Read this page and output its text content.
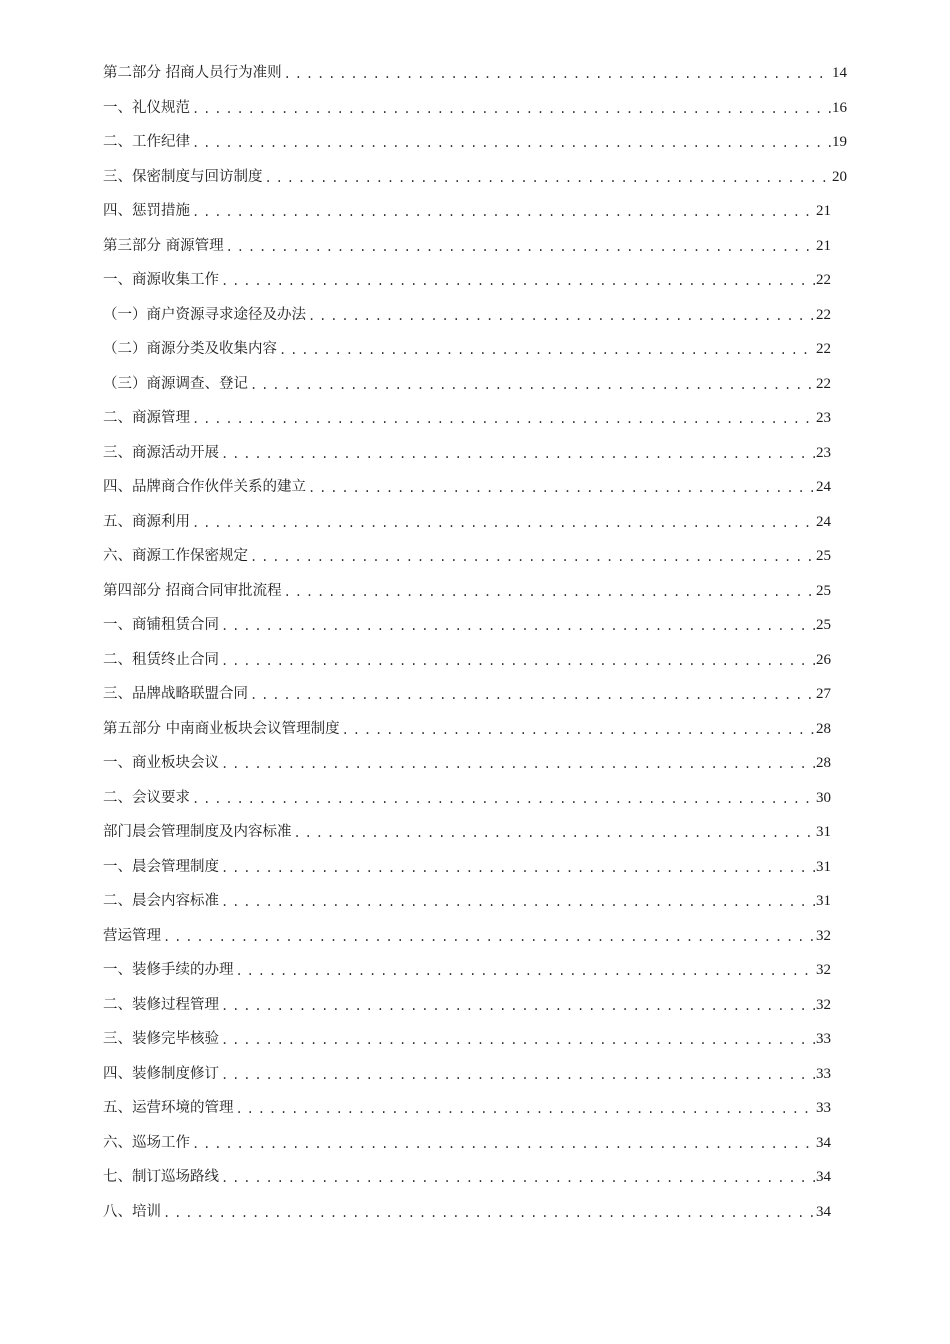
第二部分 招商人员行为准则 .....	14
一、礼仪规范 .....	16
二、工作纪律 .....	19
三、保密制度与回访制度 .....	20
四、惩罚措施 .....	21
第三部分 商源管理 .....	21
一、商源收集工作 .....	22
（一）商户资源寻求途径及办法 .....	22
（二）商源分类及收集内容 .....	22
（三）商源调查、登记 .....	22
二、商源管理 .....	23
三、商源活动开展 .....	23
四、品牌商合作伙伴关系的建立 .....	24
五、商源利用 .....	24
六、商源工作保密规定 .....	25
第四部分 招商合同审批流程 .....	25
一、商铺租赁合同 .....	25
二、租赁终止合同 .....	26
三、品牌战略联盟合同 .....	27
第五部分 中南商业板块会议管理制度 .....	28
一、商业板块会议 .....	28
二、会议要求 .....	30
部门晨会管理制度及内容标准 .....	31
一、晨会管理制度 .....	31
二、晨会内容标准 .....	31
营运管理 .....	32
一、装修手续的办理 .....	32
二、装修过程管理 .....	32
三、装修完毕核验 .....	33
四、装修制度修订 .....	33
五、运营环境的管理 .....	33
六、巡场工作 .....	34
七、制订巡场路线 .....	34
八、培训 .....	34
